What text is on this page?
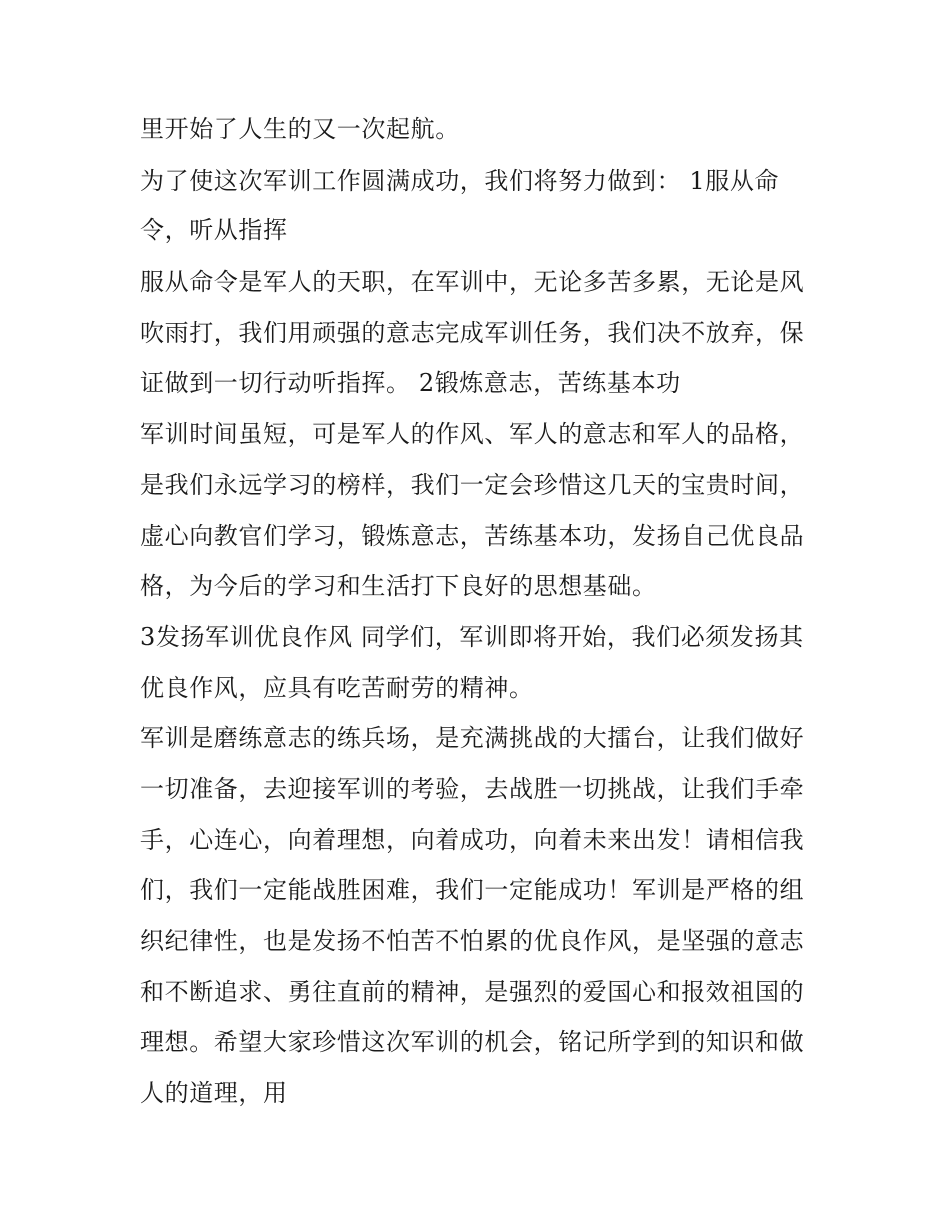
里开始了人生的又一次起航。
为了使这次军训工作圆满成功，我们将努力做到： 1服从命
令，听从指挥
服从命令是军人的天职，在军训中，无论多苦多累，无论是风
吹雨打，我们用顽强的意志完成军训任务，我们决不放弃，保
证做到一切行动听指挥。 2锻炼意志，苦练基本功
军训时间虽短，可是军人的作风、军人的意志和军人的品格，
是我们永远学习的榜样，我们一定会珍惜这几天的宝贵时间，
虚心向教官们学习，锻炼意志，苦练基本功，发扬自己优良品
格，为今后的学习和生活打下良好的思想基础。
3发扬军训优良作风 同学们，军训即将开始，我们必须发扬其
优良作风，应具有吃苦耐劳的精神。
军训是磨练意志的练兵场，是充满挑战的大擂台，让我们做好
一切准备，去迎接军训的考验，去战胜一切挑战，让我们手牵
手，心连心，向着理想，向着成功，向着未来出发！请相信我
们，我们一定能战胜困难，我们一定能成功！军训是严格的组
织纪律性，也是发扬不怕苦不怕累的优良作风，是坚强的意志
和不断追求、勇往直前的精神，是强烈的爱国心和报效祖国的
理想。希望大家珍惜这次军训的机会，铭记所学到的知识和做
人的道理，用
